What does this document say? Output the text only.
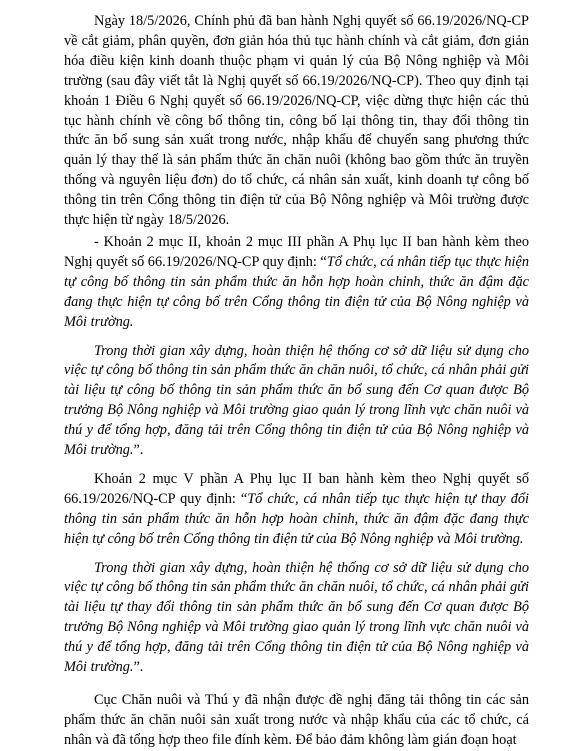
Ngày 18/5/2026, Chính phủ đã ban hành Nghị quyết số 66.19/2026/NQ-CP về cắt giảm, phân quyền, đơn giản hóa thủ tục hành chính và cắt giảm, đơn giản hóa điều kiện kinh doanh thuộc phạm vi quản lý của Bộ Nông nghiệp và Môi trường (sau đây viết tắt là Nghị quyết số 66.19/2026/NQ-CP). Theo quy định tại khoản 1 Điều 6 Nghị quyết số 66.19/2026/NQ-CP, việc dừng thực hiện các thủ tục hành chính về công bố thông tin, công bố lại thông tin, thay đổi thông tin thức ăn bổ sung sản xuất trong nước, nhập khẩu để chuyển sang phương thức quản lý thay thế là sản phẩm thức ăn chăn nuôi (không bao gồm thức ăn truyền thống và nguyên liệu đơn) do tổ chức, cá nhân sản xuất, kinh doanh tự công bố thông tin trên Cổng thông tin điện tử của Bộ Nông nghiệp và Môi trường được thực hiện từ ngày 18/5/2026.

- Khoản 2 mục II, khoản 2 mục III phần A Phụ lục II ban hành kèm theo Nghị quyết số 66.19/2026/NQ-CP quy định: “Tổ chức, cá nhân tiếp tục thực hiện tự công bố thông tin sản phẩm thức ăn hỗn hợp hoàn chỉnh, thức ăn đậm đặc đang thực hiện tự công bố trên Cổng thông tin điện tử của Bộ Nông nghiệp và Môi trường.

Trong thời gian xây dựng, hoàn thiện hệ thống cơ sở dữ liệu sử dụng cho việc tự công bố thông tin sản phẩm thức ăn chăn nuôi, tổ chức, cá nhân phải gửi tài liệu tự công bố thông tin sản phẩm thức ăn bổ sung đến Cơ quan được Bộ trưởng Bộ Nông nghiệp và Môi trường giao quản lý trong lĩnh vực chăn nuôi và thú y để tổng hợp, đăng tải trên Cổng thông tin điện tử của Bộ Nông nghiệp và Môi trường.”.

Khoản 2 mục V phần A Phụ lục II ban hành kèm theo Nghị quyết số 66.19/2026/NQ-CP quy định: “Tổ chức, cá nhân tiếp tục thực hiện tự thay đổi thông tin sản phẩm thức ăn hỗn hợp hoàn chỉnh, thức ăn đậm đặc đang thực hiện tự công bố trên Cổng thông tin điện tử của Bộ Nông nghiệp và Môi trường.

Trong thời gian xây dựng, hoàn thiện hệ thống cơ sở dữ liệu sử dụng cho việc tự công bố thông tin sản phẩm thức ăn chăn nuôi, tổ chức, cá nhân phải gửi tài liệu tự thay đổi thông tin sản phẩm thức ăn bổ sung đến Cơ quan được Bộ trưởng Bộ Nông nghiệp và Môi trường giao quản lý trong lĩnh vực chăn nuôi và thú y để tổng hợp, đăng tải trên Cổng thông tin điện tử của Bộ Nông nghiệp và Môi trường.”.

Cục Chăn nuôi và Thú y đã nhận được đề nghị đăng tải thông tin các sản phẩm thức ăn chăn nuôi sản xuất trong nước và nhập khẩu của các tổ chức, cá nhân và đã tổng hợp theo file đính kèm. Để bảo đảm không làm gián đoạn hoạt
